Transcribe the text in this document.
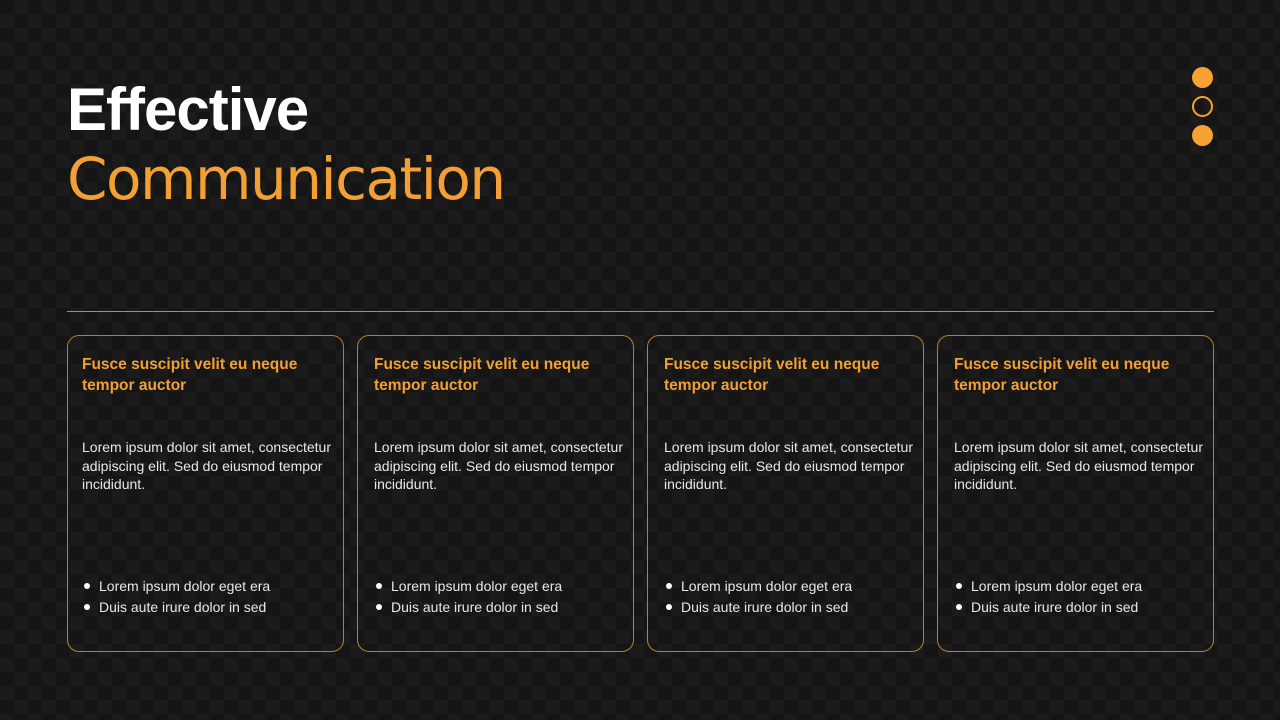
Effective
Communication

Fusce suscipit velit eu neque tempor auctor

Lorem ipsum dolor sit amet, consectetur adipiscing elit. Sed do eiusmod tempor incididunt.

Lorem ipsum dolor eget era
Duis aute irure dolor in sed

Fusce suscipit velit eu neque tempor auctor

Lorem ipsum dolor sit amet, consectetur adipiscing elit. Sed do eiusmod tempor incididunt.

Lorem ipsum dolor eget era
Duis aute irure dolor in sed

Fusce suscipit velit eu neque tempor auctor

Lorem ipsum dolor sit amet, consectetur adipiscing elit. Sed do eiusmod tempor incididunt.

Lorem ipsum dolor eget era
Duis aute irure dolor in sed

Fusce suscipit velit eu neque tempor auctor

Lorem ipsum dolor sit amet, consectetur adipiscing elit. Sed do eiusmod tempor incididunt.

Lorem ipsum dolor eget era
Duis aute irure dolor in sed
